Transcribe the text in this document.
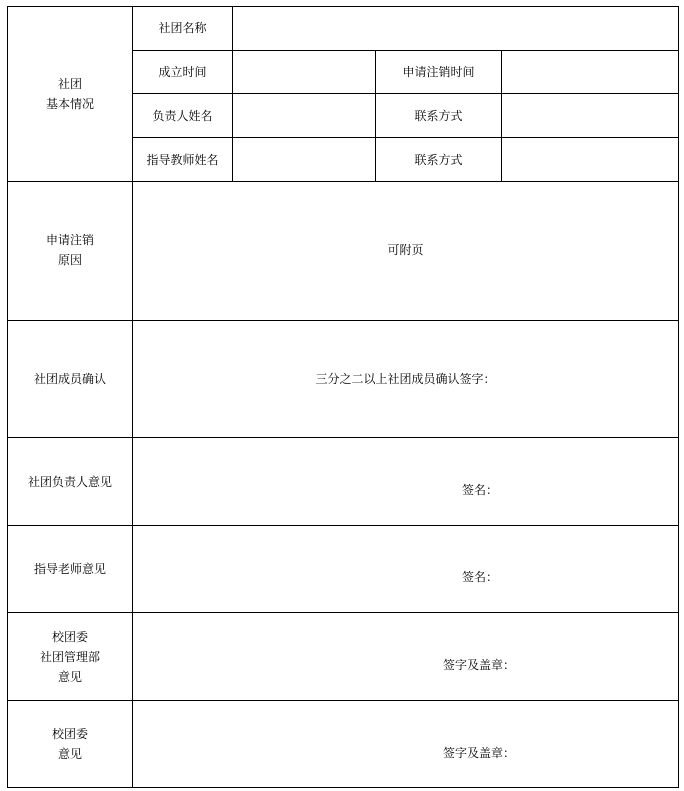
社团
基本情况	社团名称			
	成立时间		申请注销时间	
	负责人姓名		联系方式	
	指导教师姓名		联系方式	

申请注销
原因	可附页			
社团成员确认	三分之二以上社团成员确认签字：			
社团负责人意见	签名：			

指导老师意见	签名：			

校团委
社团管理部
意见	签字及盖章：			

校团委
意见	签字及盖章：			
